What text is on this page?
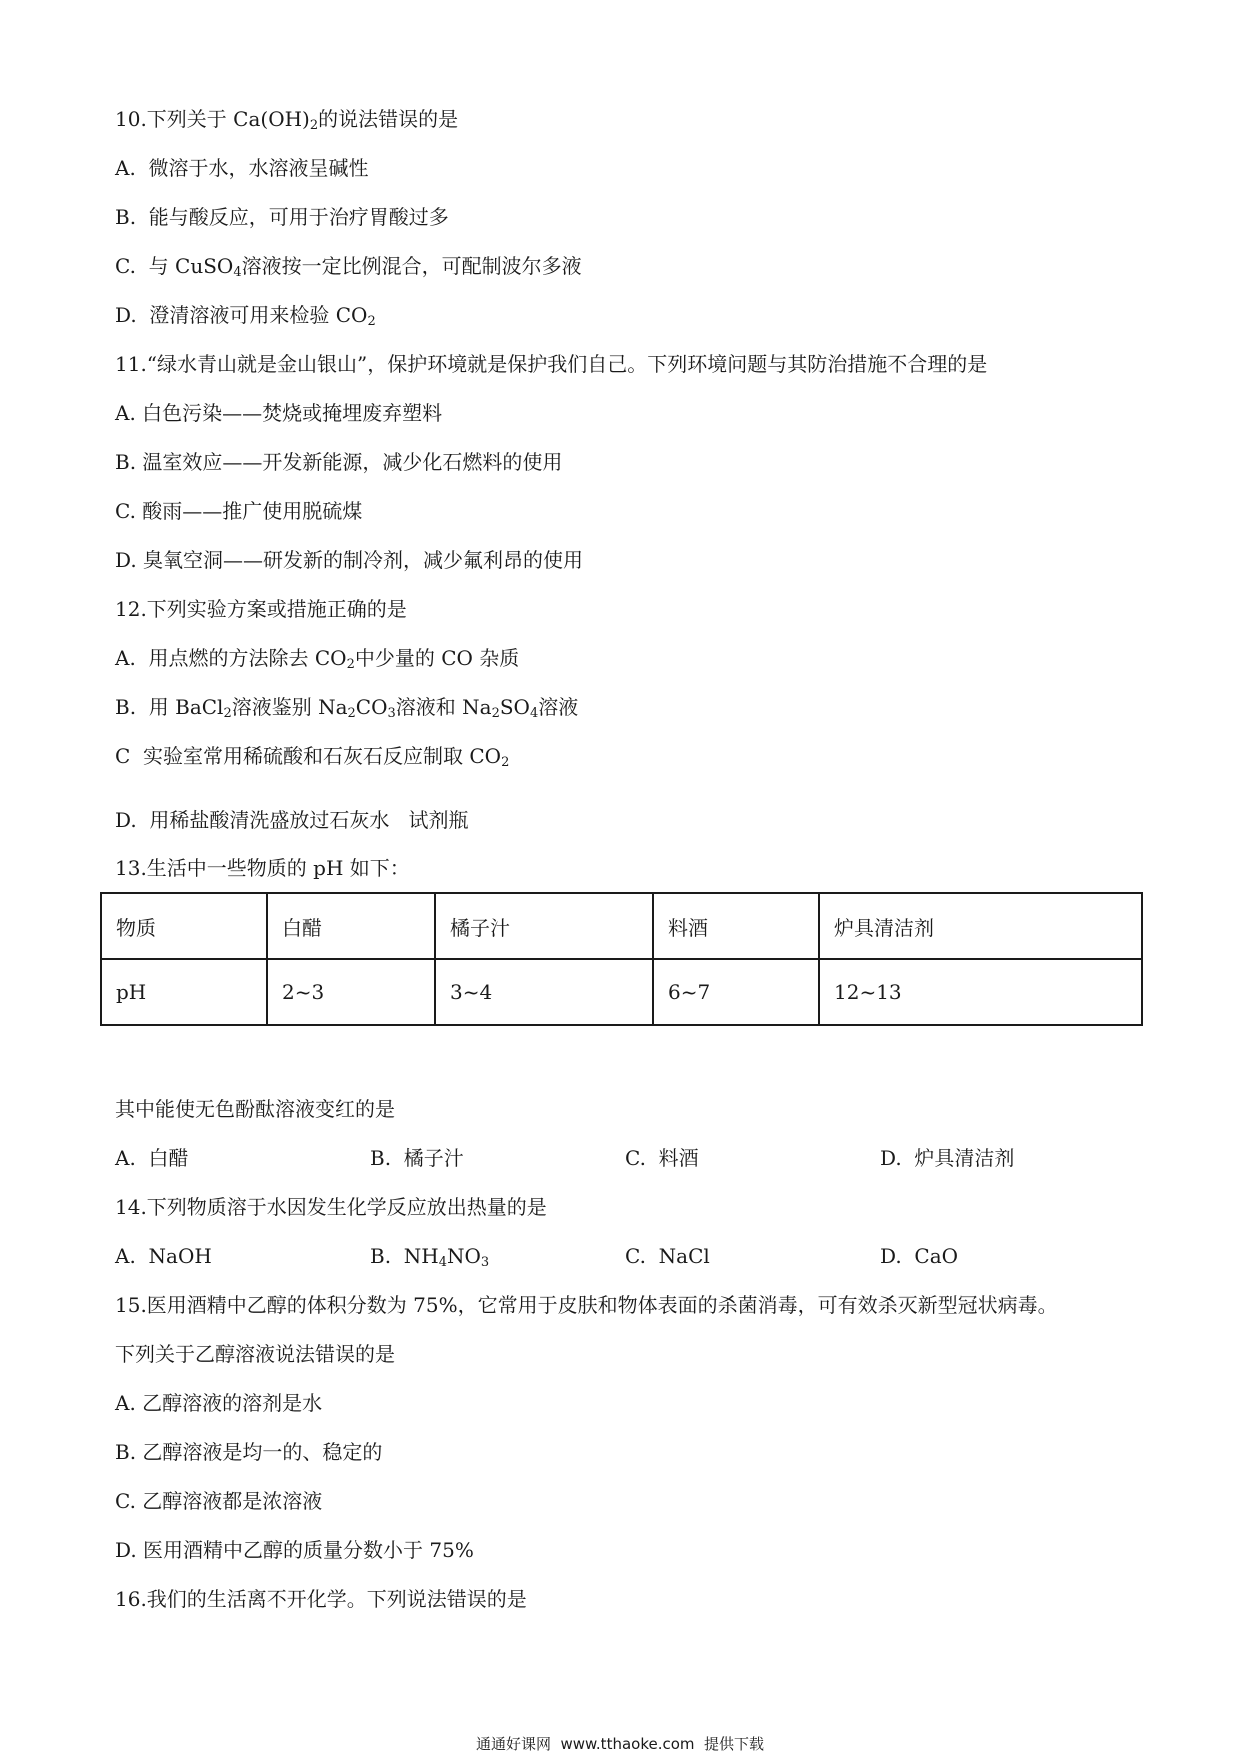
10.下列关于 $Ca(OH)_2$的说法错误的是
A.  微溶于水，水溶液呈碱性
B.  能与酸反应，可用于治疗胃酸过多
C.  与 CuSO$_4$溶液按一定比例混合，可配制波尔多液
D.  澄清溶液可用来检验 $CO_2$
11.“绿水青山就是金山银山”，保护环境就是保护我们自己。下列环境问题与其防治措施不合理的是
A. 白色污染——焚烧或掩埋废弃塑料
B. 温室效应——开发新能源，减少化石燃料的使用
C. 酸雨——推广使用脱硫煤
D. 臭氧空洞——研发新的制冷剂，减少氟利昂的使用
12.下列实验方案或措施正确的是
A.  用点燃的方法除去 $CO_2$中少量的 CO 杂质
B.  用 BaCl$_2$溶液鉴别 $Na_2CO_3$溶液和 $Na_2SO_4$溶液
C  实验室常用稀硫酸和石灰石反应制取 $CO_2$
D.  用稀盐酸清洗盛放过石灰水   试剂瓶
13.生活中一些物质的 pH 如下：
物质	白醋	橘子汁	料酒	炉具清洁剂
pH	2~3	3~4	6~7	12~13
其中能使无色酚酞溶液变红的是
A.  白醋	B.  橘子汁	C.  料酒	D.  炉具清洁剂
14.下列物质溶于水因发生化学反应放出热量的是
A.  NaOH	B.  $NH_4NO_3$	C.  NaCl	D.  CaO
15.医用酒精中乙醇的体积分数为 75%，它常用于皮肤和物体表面的杀菌消毒，可有效杀灭新型冠状病毒。
下列关于乙醇溶液说法错误的是
A. 乙醇溶液的溶剂是水
B. 乙醇溶液是均一的、稳定的
C. 乙醇溶液都是浓溶液
D. 医用酒精中乙醇的质量分数小于 75%
16.我们的生活离不开化学。下列说法错误的是
通通好课网  www.tthaoke.com  提供下载
